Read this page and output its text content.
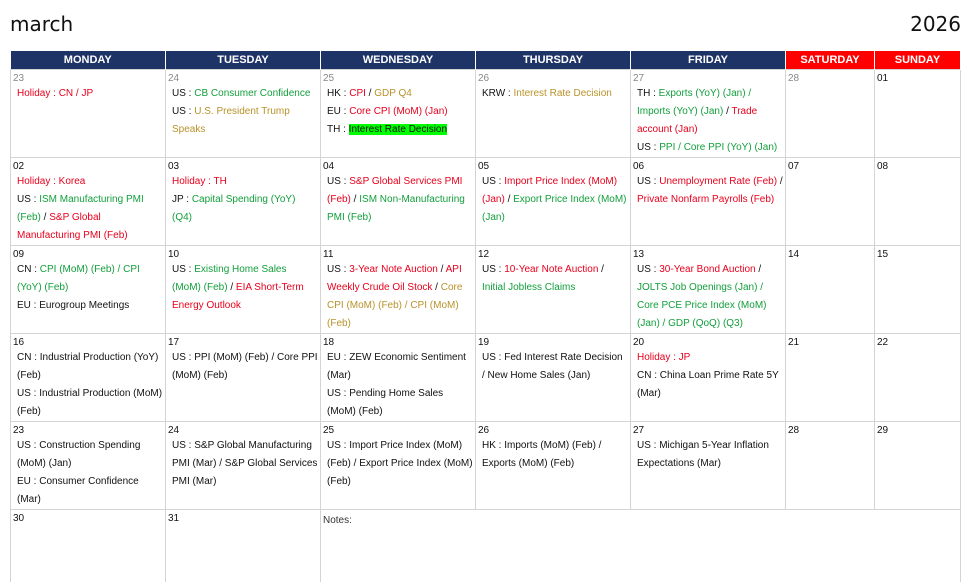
march	2026
MONDAY	TUESDAY	WEDNESDAY	THURSDAY	FRIDAY	SATURDAY	SUNDAY

23
Holiday : CN / JP	24
US : CB Consumer Confidence
US : U.S. President Trump Speaks	25
HK : CPI / GDP Q4
EU : Core CPI (MoM) (Jan)
TH : Interest Rate Decision	26
KRW : Interest Rate Decision	27
TH : Exports (YoY) (Jan) / Imports (YoY) (Jan) / Trade account (Jan)
US : PPI / Core PPI (YoY) (Jan)	28	01

02
Holiday : Korea
US : ISM Manufacturing PMI (Feb) / S&P Global Manufacturing PMI (Feb)	03
Holiday : TH
JP : Capital Spending (YoY) (Q4)	04
US : S&P Global Services PMI (Feb) / ISM Non-Manufacturing PMI (Feb)	05
US : Import Price Index (MoM) (Jan) / Export Price Index (MoM) (Jan)	06
US : Unemployment Rate (Feb) / Private Nonfarm Payrolls (Feb)	07	08

09
CN : CPI (MoM) (Feb) / CPI (YoY) (Feb)
EU : Eurogroup Meetings	10
US : Existing Home Sales (MoM) (Feb) / EIA Short-Term Energy Outlook	11
US : 3-Year Note Auction / API Weekly Crude Oil Stock / Core CPI (MoM) (Feb) / CPI (MoM) (Feb)	12
US : 10-Year Note Auction / Initial Jobless Claims	13
US : 30-Year Bond Auction / JOLTS Job Openings (Jan) / Core PCE Price Index (MoM) (Jan) / GDP (QoQ) (Q3)	14	15

16
CN : Industrial Production (YoY) (Feb)
US : Industrial Production (MoM) (Feb)	17
US : PPI (MoM) (Feb) / Core PPI (MoM) (Feb)	18
EU : ZEW Economic Sentiment (Mar)
US : Pending Home Sales (MoM) (Feb)	19
US : Fed Interest Rate Decision / New Home Sales (Jan)	20
Holiday : JP
CN : China Loan Prime Rate 5Y (Mar)	21	22

23
US : Construction Spending (MoM) (Jan)
EU : Consumer Confidence (Mar)	24
US : S&P Global Manufacturing PMI (Mar) / S&P Global Services PMI (Mar)	25
US : Import Price Index (MoM) (Feb) / Export Price Index (MoM) (Feb)	26
HK : Imports (MoM) (Feb) / Exports (MoM) (Feb)	27
US : Michigan 5-Year Inflation Expectations (Mar)	28	29

30	31	Notes:				
